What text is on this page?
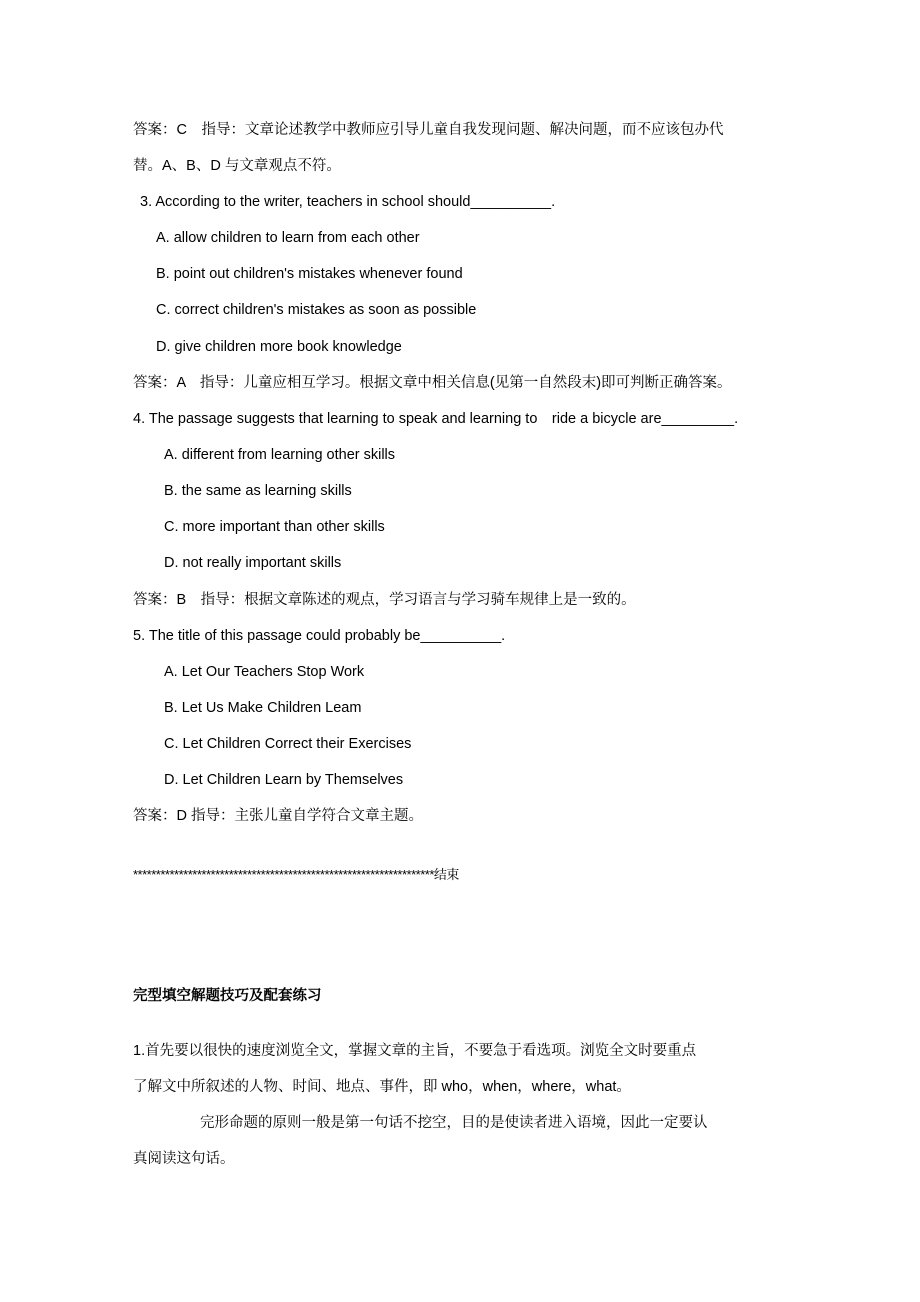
答案：C　指导：文章论述教学中教师应引导儿童自我发现问题、解决问题，而不应该包办代
替。A、B、D 与文章观点不符。
3. According to the writer, teachers in school should__________.
A. allow children to learn from each other
B. point out children's mistakes whenever found
C. correct children's mistakes as soon as possible
D. give children more book knowledge
答案：A　指导：儿童应相互学习。根据文章中相关信息(见第一自然段末)即可判断正确答案。
4. The passage suggests that learning to speak and learning to　ride a bicycle are_________.
A. different from learning other skills
B. the same as learning skills
C. more important than other skills
D. not really important skills
答案：B　指导：根据文章陈述的观点，学习语言与学习骑车规律上是一致的。
5. The title of this passage could probably be__________.
A. Let Our Teachers Stop Work
B. Let Us Make Children Leam
C. Let Children Correct their Exercises
D. Let Children Learn by Themselves
答案：D 指导：主张儿童自学符合文章主题。
******************************************************************结束
完型填空解题技巧及配套练习
1.首先要以很快的速度浏览全文，掌握文章的主旨，不要急于看选项。浏览全文时要重点
了解文中所叙述的人物、时间、地点、事件，即 who，when，where，what。
完形命题的原则一般是第一句话不挖空，目的是使读者进入语境，因此一定要认
真阅读这句话。
